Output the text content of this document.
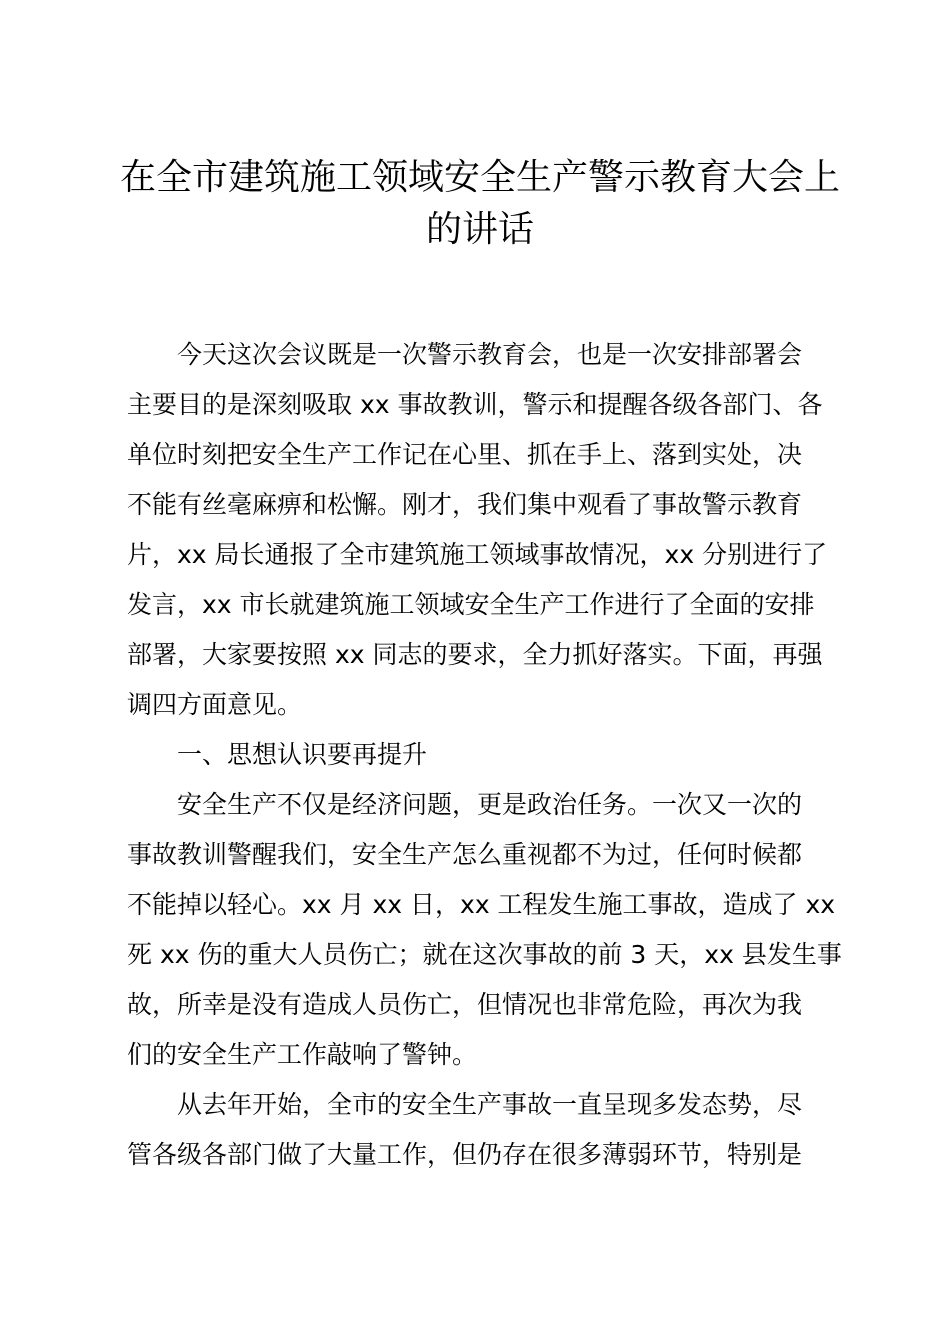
在全市建筑施工领域安全生产警示教育大会上
的讲话

今天这次会议既是一次警示教育会，也是一次安排部署会
主要目的是深刻吸取 xx 事故教训，警示和提醒各级各部门、各
单位时刻把安全生产工作记在心里、抓在手上、落到实处，决
不能有丝毫麻痹和松懈。刚才，我们集中观看了事故警示教育
片，xx 局长通报了全市建筑施工领域事故情况，xx 分别进行了
发言，xx 市长就建筑施工领域安全生产工作进行了全面的安排
部署，大家要按照 xx 同志的要求，全力抓好落实。下面，再强
调四方面意见。

一、思想认识要再提升

安全生产不仅是经济问题，更是政治任务。一次又一次的
事故教训警醒我们，安全生产怎么重视都不为过，任何时候都
不能掉以轻心。xx 月 xx 日，xx 工程发生施工事故，造成了 xx
死 xx 伤的重大人员伤亡；就在这次事故的前 3 天，xx 县发生事
故，所幸是没有造成人员伤亡，但情况也非常危险，再次为我
们的安全生产工作敲响了警钟。

从去年开始，全市的安全生产事故一直呈现多发态势，尽
管各级各部门做了大量工作，但仍存在很多薄弱环节，特别是
